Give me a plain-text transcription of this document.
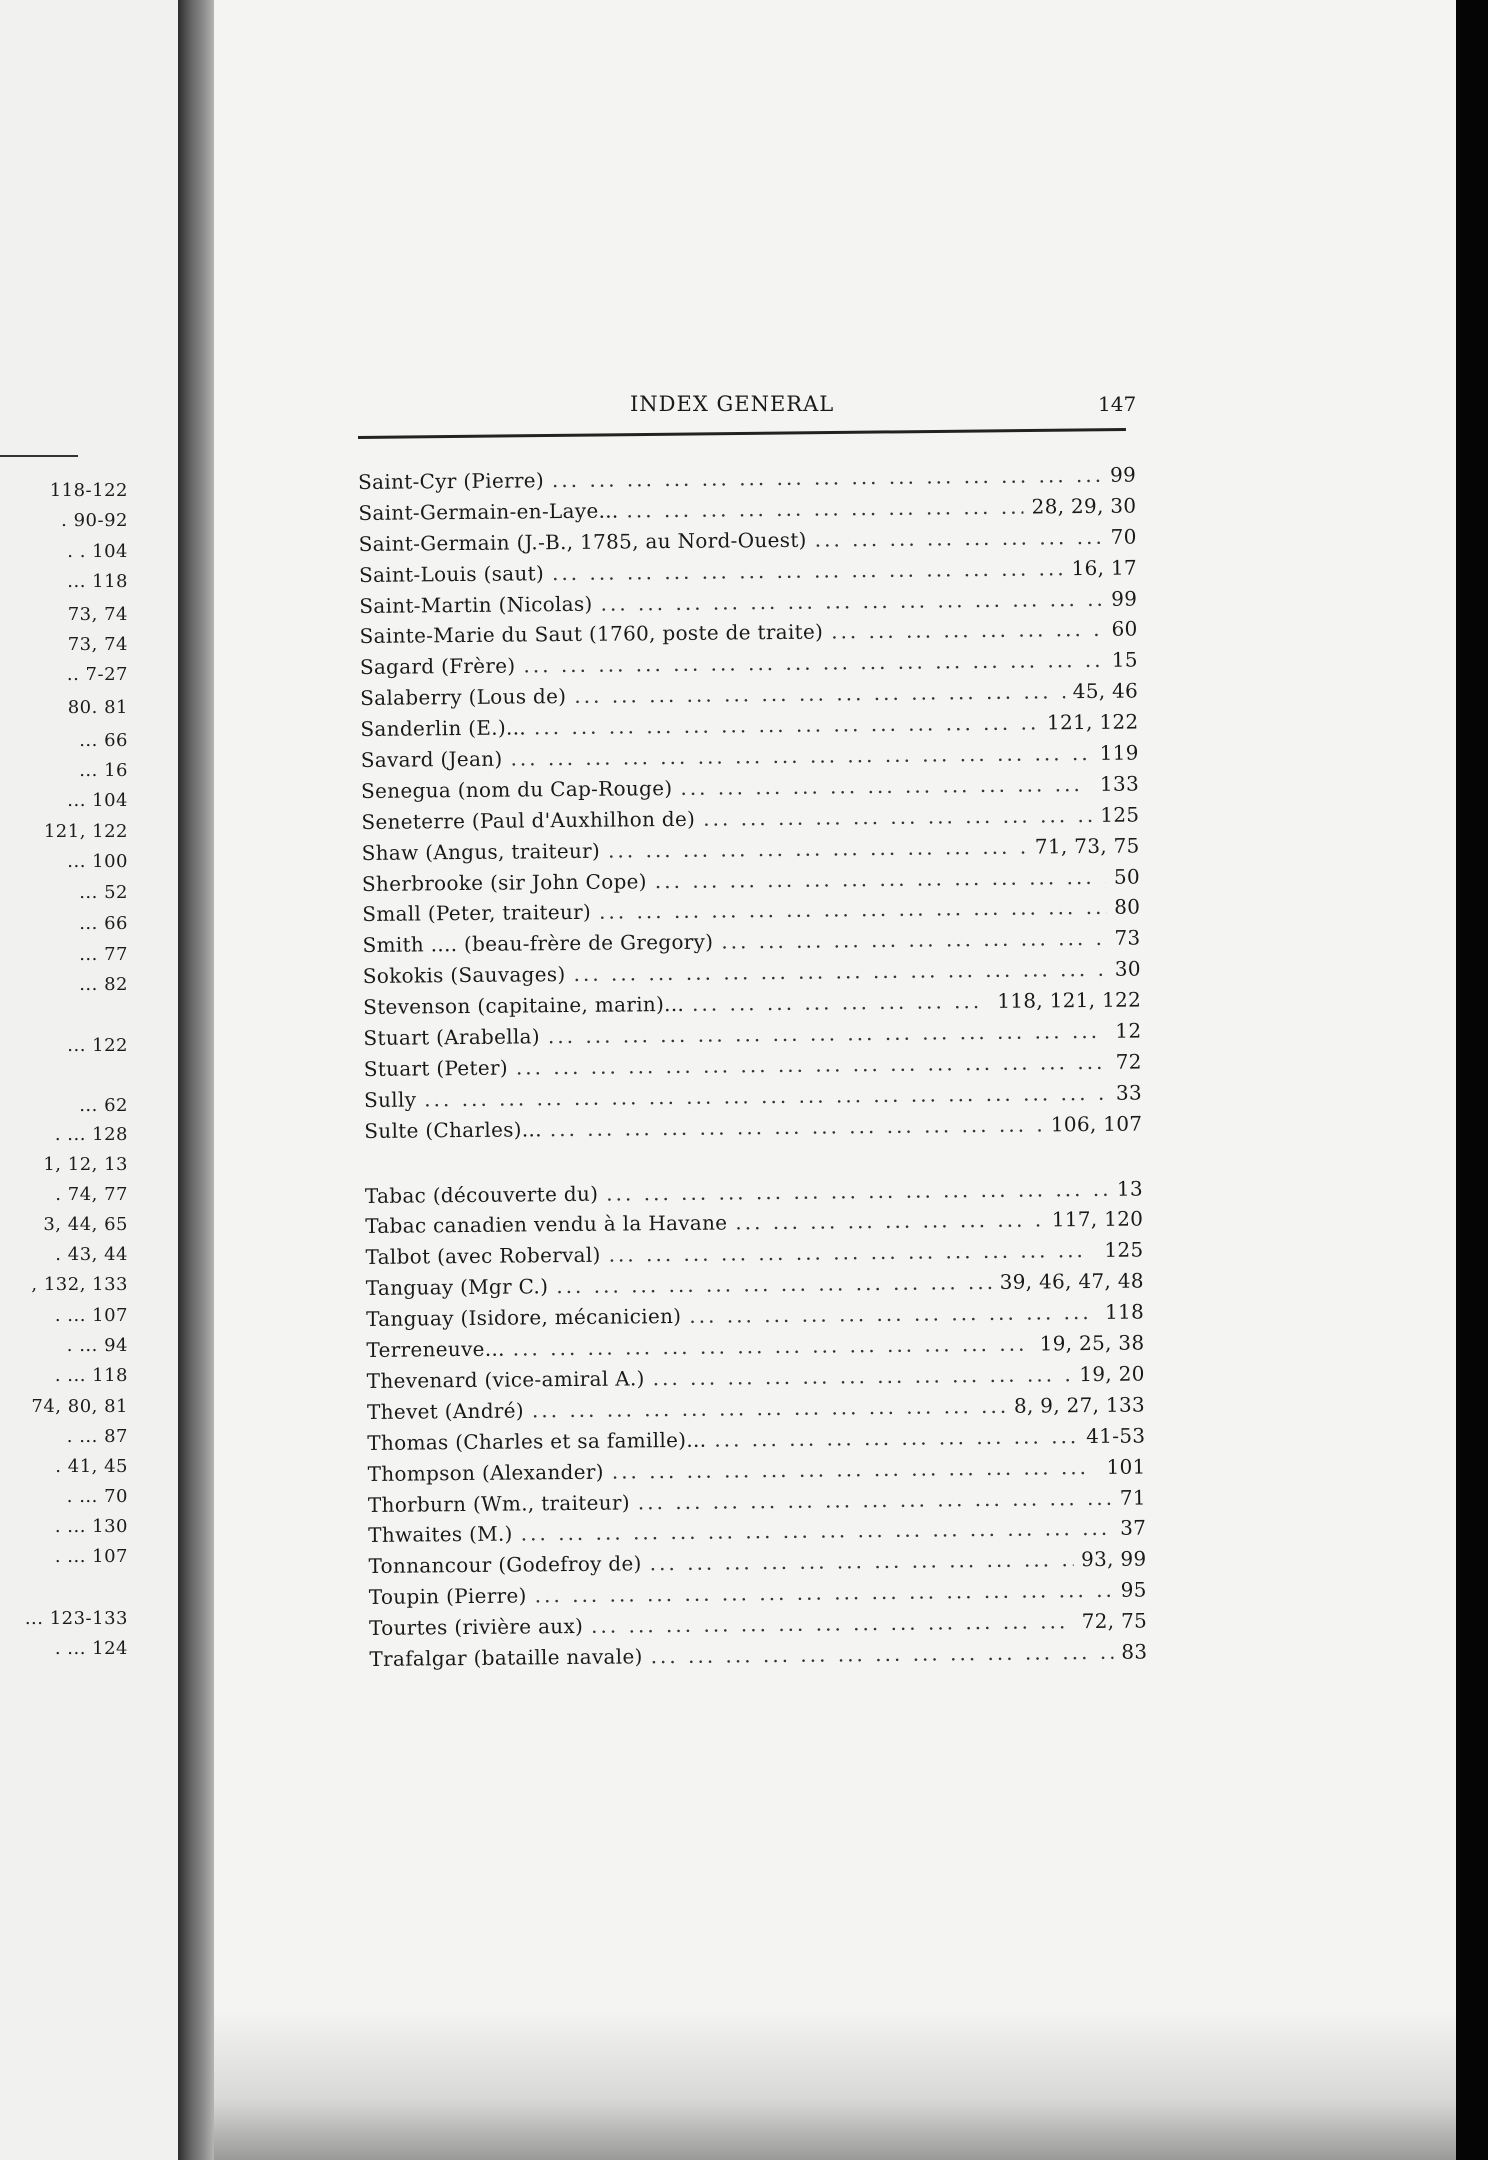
118-122
. 90-92
. . 104
... 118
73, 74
73, 74
.. 7-27
80. 81
... 66
... 16
... 104
121, 122
... 100
... 52
... 66
... 77
... 82
... 122
... 62
. ... 128
1, 12, 13
. 74, 77
3, 44, 65
. 43, 44
, 132, 133
. ... 107
. ... 94
. ... 118
74, 80, 81
. ... 87
. 41, 45
. ... 70
. ... 130
. ... 107
... 123-133
. ... 124
INDEX GENERAL	147
Saint-Cyr (Pierre) ... .	99
Saint-Germain-en-Laye... ... .	28, 29, 30
Saint-Germain (J.-B., 1785, au Nord-Ouest) ... .	70
Saint-Louis (saut) ... .	16, 17
Saint-Martin (Nicolas) ... .	99
Sainte-Marie du Saut (1760, poste de traite) ... .	60
Sagard (Frère) ... .	15
Salaberry (Lous de) ... .	45, 46
Sanderlin (E.)... ... .	121, 122
Savard (Jean) ... .	119
Senegua (nom du Cap-Rouge) ... .	133
Seneterre (Paul d'Auxhilhon de) ... .	125
Shaw (Angus, traiteur) ... .	71, 73, 75
Sherbrooke (sir John Cope) ... .	50
Small (Peter, traiteur) ... .	80
Smith .... (beau-frère de Gregory) ... .	73
Sokokis (Sauvages) ... .	30
Stevenson (capitaine, marin)... ... .	118, 121, 122
Stuart (Arabella) ... .	12
Stuart (Peter) ... .	72
Sully ... .	33
Sulte (Charles)... ... .	106, 107
Tabac (découverte du) ... .	13
Tabac canadien vendu à la Havane ... .	117, 120
Talbot (avec Roberval) ... .	125
Tanguay (Mgr C.) ... .	39, 46, 47, 48
Tanguay (Isidore, mécanicien) ... .	118
Terreneuve... ... .	19, 25, 38
Thevenard (vice-amiral A.) ... .	19, 20
Thevet (André) ... .	8, 9, 27, 133
Thomas (Charles et sa famille)... ... .	41-53
Thompson (Alexander) ... .	101
Thorburn (Wm., traiteur) ... .	71
Thwaites (M.) ... .	37
Tonnancour (Godefroy de) ... .	93, 99
Toupin (Pierre) ... .	95
Tourtes (rivière aux) ... .	72, 75
Trafalgar (bataille navale) ... .	83
